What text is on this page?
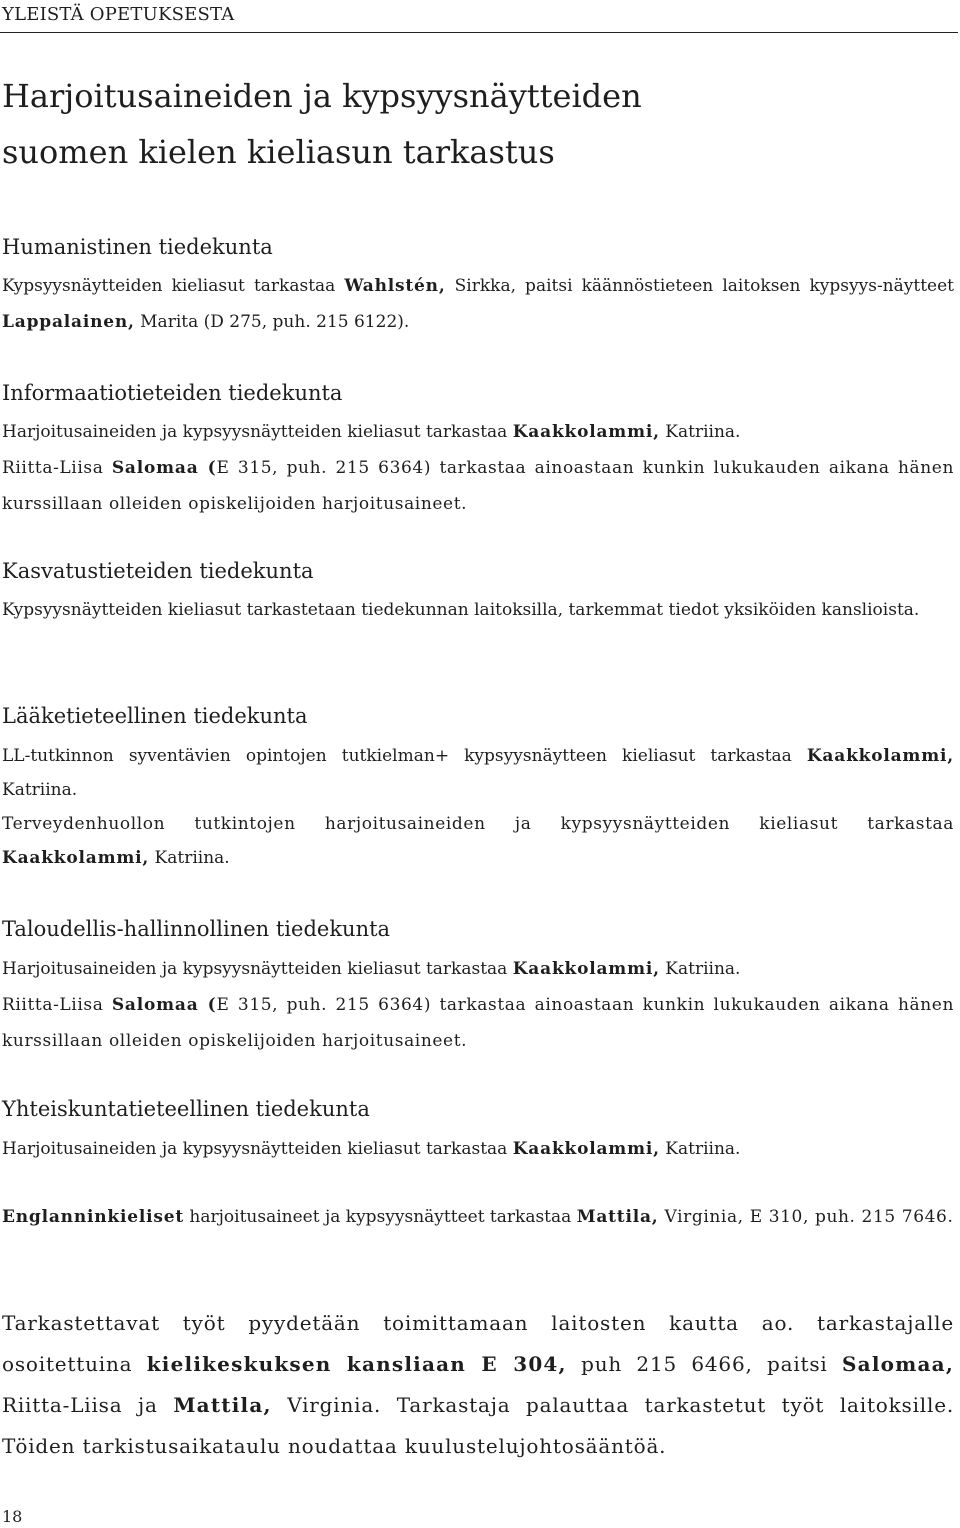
YLEISTÄ OPETUKSESTA
Harjoitusaineiden ja kypsyysnäytteiden
suomen kielen kieliasun tarkastus
Humanistinen tiedekunta
Kypsyysnäytteiden kieliasut tarkastaa Wahlstén, Sirkka, paitsi käännöstieteen laitoksen kypsyys-näytteet Lappalainen, Marita (D 275, puh. 215 6122).
Informaatiotieteiden tiedekunta
Harjoitusaineiden ja kypsyysnäytteiden kieliasut tarkastaa Kaakkolammi, Katriina.
Riitta-Liisa Salomaa (E 315, puh. 215 6364) tarkastaa ainoastaan kunkin lukukauden aikana hänen kurssillaan olleiden opiskelijoiden harjoitusaineet.
Kasvatustieteiden tiedekunta
Kypsyysnäytteiden kieliasut tarkastetaan tiedekunnan laitoksilla, tarkemmat tiedot yksiköiden kanslioista.
Lääketieteellinen tiedekunta
LL-tutkinnon syventävien opintojen tutkielman+ kypsyysnäytteen kieliasut tarkastaa Kaakkolammi, Katriina.
Terveydenhuollon tutkintojen harjoitusaineiden ja kypsyysnäytteiden kieliasut tarkastaa Kaakkolammi, Katriina.
Taloudellis-hallinnollinen tiedekunta
Harjoitusaineiden ja kypsyysnäytteiden kieliasut tarkastaa Kaakkolammi, Katriina.
Riitta-Liisa Salomaa (E 315, puh. 215 6364) tarkastaa ainoastaan kunkin lukukauden aikana hänen kurssillaan olleiden opiskelijoiden harjoitusaineet.
Yhteiskuntatieteellinen tiedekunta
Harjoitusaineiden ja kypsyysnäytteiden kieliasut tarkastaa Kaakkolammi, Katriina.
Englanninkieliset harjoitusaineet ja kypsyysnäytteet tarkastaa Mattila, Virginia, E 310, puh. 215 7646.
Tarkastettavat työt pyydetään toimittamaan laitosten kautta ao. tarkastajalle osoitettuina kielikeskuksen kansliaan E 304, puh 215 6466, paitsi Salomaa, Riitta-Liisa ja Mattila, Virginia. Tarkastaja palauttaa tarkastetut työt laitoksille. Töiden tarkistusaikataulu noudattaa kuulustelujohtosääntöä.
18
